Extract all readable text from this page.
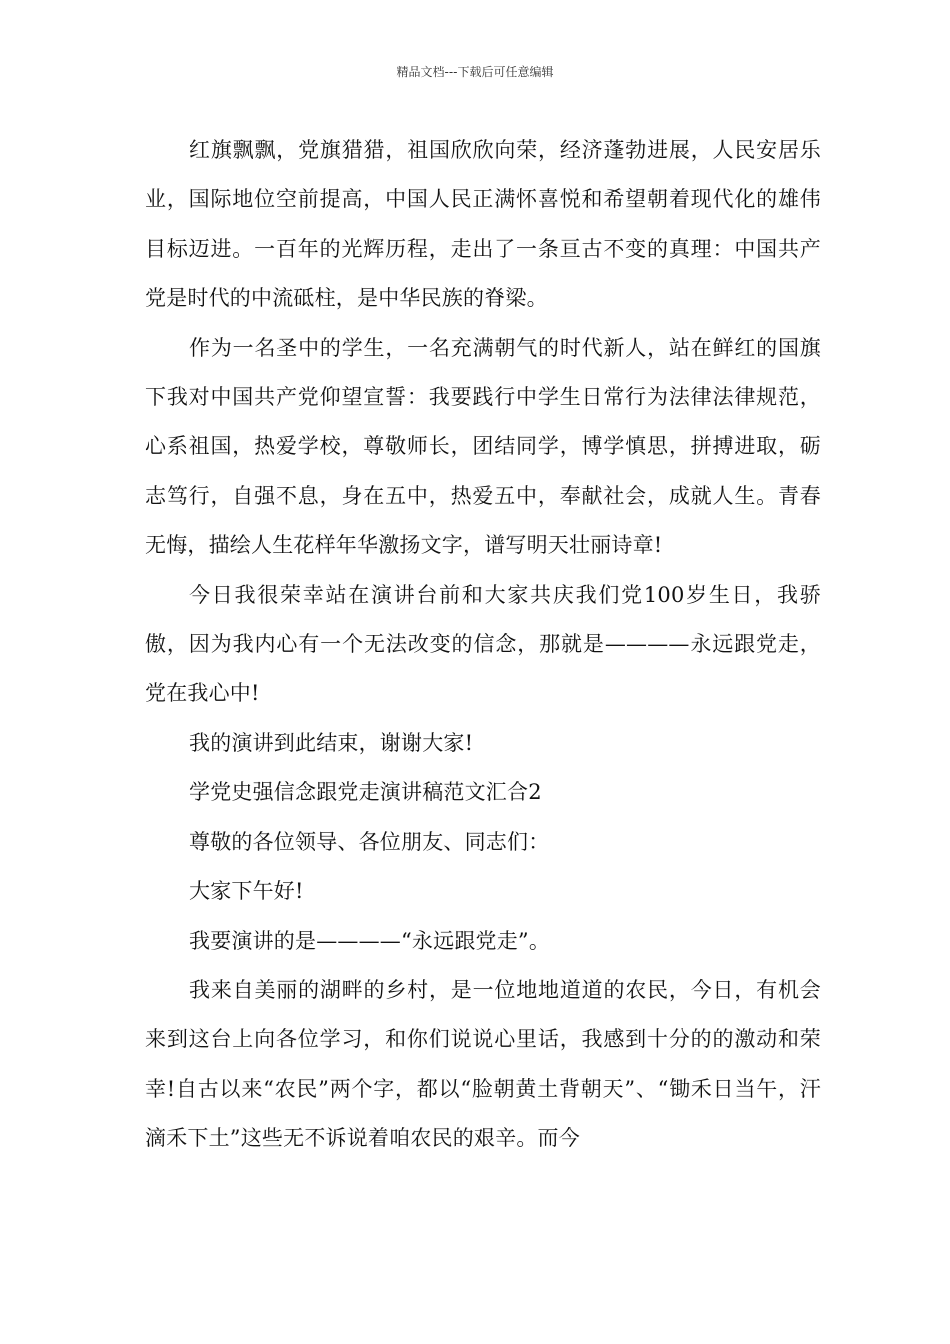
精品文档---下载后可任意编辑

红旗飘飘，党旗猎猎，祖国欣欣向荣，经济蓬勃进展，人民安居乐业，国际地位空前提高，中国人民正满怀喜悦和希望朝着现代化的雄伟目标迈进。一百年的光辉历程，走出了一条亘古不变的真理：中国共产党是时代的中流砥柱，是中华民族的脊梁。

作为一名圣中的学生，一名充满朝气的时代新人，站在鲜红的国旗下我对中国共产党仰望宣誓：我要践行中学生日常行为法律法律规范，心系祖国，热爱学校，尊敬师长，团结同学，博学慎思，拼搏进取，砺志笃行，自强不息，身在五中，热爱五中，奉献社会，成就人生。青春无悔，描绘人生花样年华激扬文字，谱写明天壮丽诗章!

今日我很荣幸站在演讲台前和大家共庆我们党100岁生日，我骄傲，因为我内心有一个无法改变的信念，那就是————永远跟党走，党在我心中!

我的演讲到此结束，谢谢大家!

学党史强信念跟党走演讲稿范文汇合2

尊敬的各位领导、各位朋友、同志们：

大家下午好!

我要演讲的是————“永远跟党走”。

我来自美丽的湖畔的乡村，是一位地地道道的农民，今日，有机会来到这台上向各位学习，和你们说说心里话，我感到十分的的激动和荣幸!自古以来“农民”两个字，都以“脸朝黄土背朝天”、“锄禾日当午，汗滴禾下土”这些无不诉说着咱农民的艰辛。而今
